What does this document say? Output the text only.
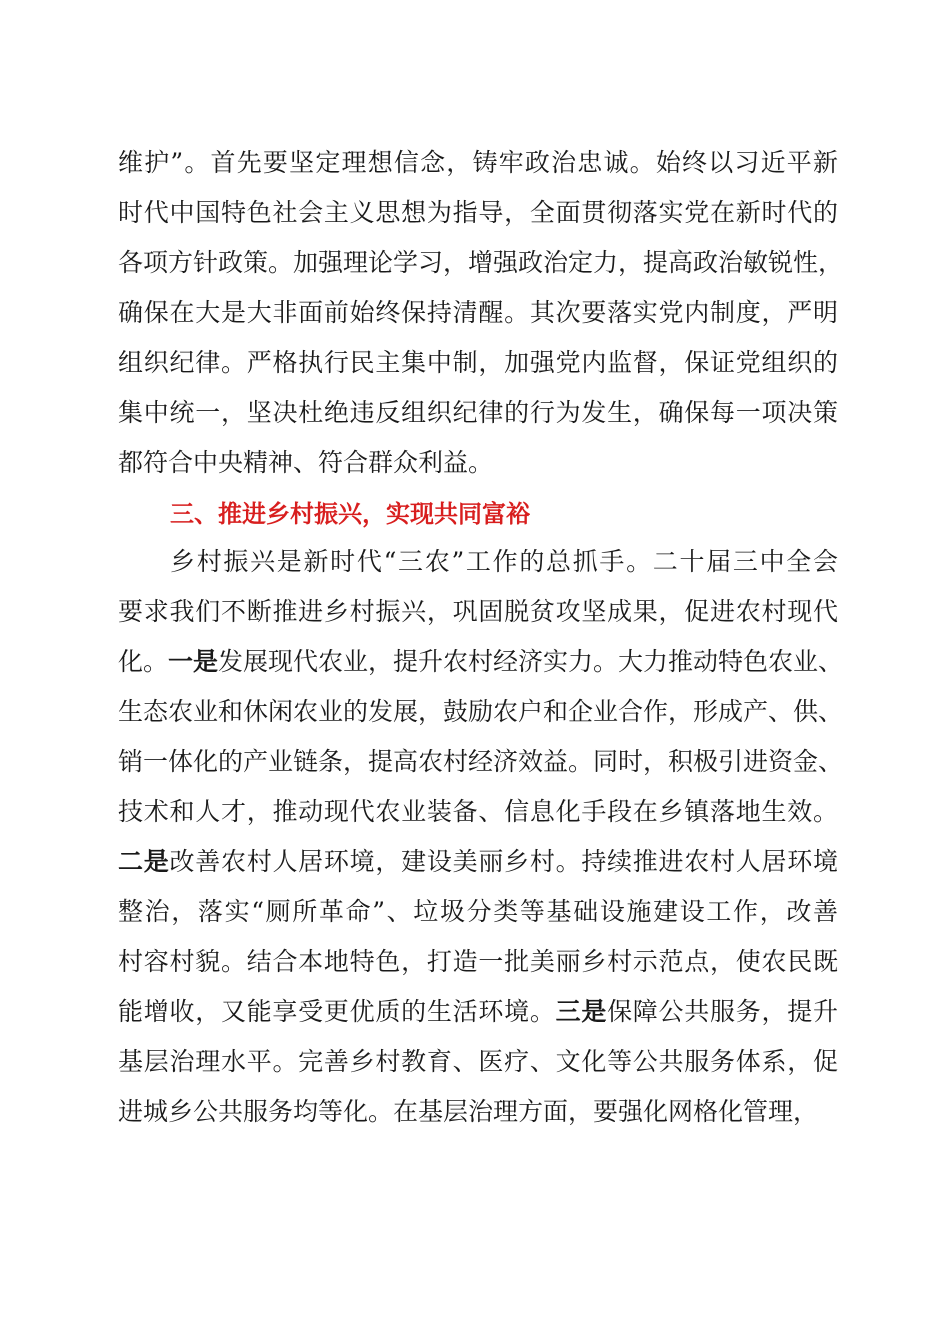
维护”。首先要坚定理想信念，铸牢政治忠诚。始终以习近平新
时代中国特色社会主义思想为指导，全面贯彻落实党在新时代的
各项方针政策。加强理论学习，增强政治定力，提高政治敏锐性，
确保在大是大非面前始终保持清醒。其次要落实党内制度，严明
组织纪律。严格执行民主集中制，加强党内监督，保证党组织的
集中统一，坚决杜绝违反组织纪律的行为发生，确保每一项决策
都符合中央精神、符合群众利益。
三、推进乡村振兴，实现共同富裕
乡村振兴是新时代“三农”工作的总抓手。二十届三中全会
要求我们不断推进乡村振兴，巩固脱贫攻坚成果，促进农村现代
化。一是发展现代农业，提升农村经济实力。大力推动特色农业、
生态农业和休闲农业的发展，鼓励农户和企业合作，形成产、供、
销一体化的产业链条，提高农村经济效益。同时，积极引进资金、
技术和人才，推动现代农业装备、信息化手段在乡镇落地生效。
二是改善农村人居环境，建设美丽乡村。持续推进农村人居环境
整治，落实“厕所革命”、垃圾分类等基础设施建设工作，改善
村容村貌。结合本地特色，打造一批美丽乡村示范点，使农民既
能增收，又能享受更优质的生活环境。三是保障公共服务，提升
基层治理水平。完善乡村教育、医疗、文化等公共服务体系，促
进城乡公共服务均等化。在基层治理方面，要强化网格化管理，
